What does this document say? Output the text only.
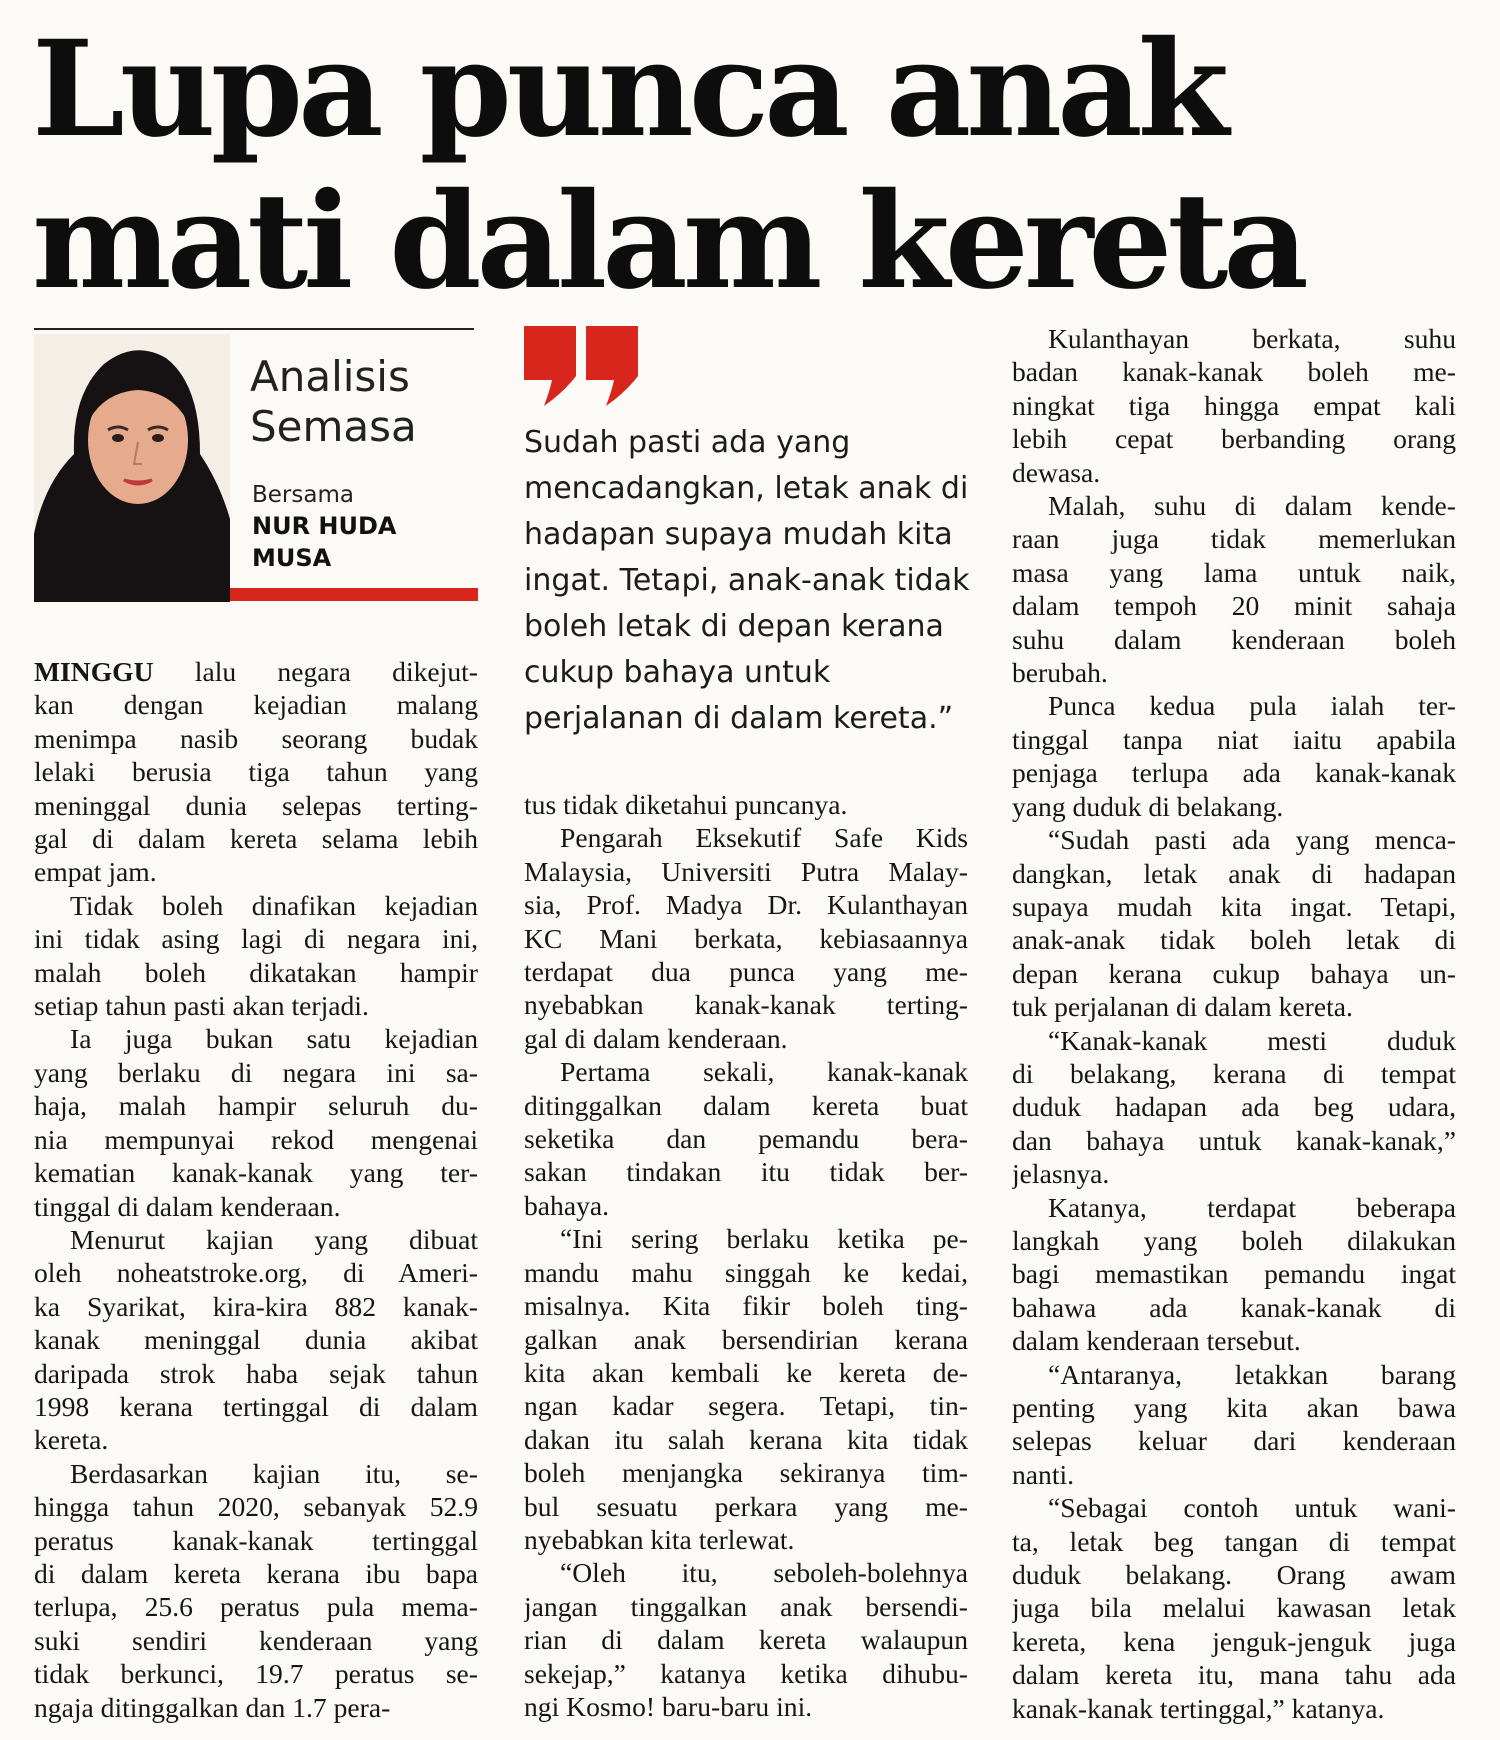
Lupa punca anak
mati dalam kereta
Analisis
Semasa
Bersama
NUR HUDA
MUSA

Sudah pasti ada yang mencadangkan, letak anak di hadapan supaya mudah kita ingat. Tetapi, anak-anak tidak boleh letak di depan kerana cukup bahaya untuk perjalanan di dalam kereta.”

MINGGU lalu negara dikejut-
kan dengan kejadian malang
menimpa nasib seorang budak
lelaki berusia tiga tahun yang
meninggal dunia selepas terting-
gal di dalam kereta selama lebih
empat jam.
Tidak boleh dinafikan kejadian
ini tidak asing lagi di negara ini,
malah boleh dikatakan hampir
setiap tahun pasti akan terjadi.
Ia juga bukan satu kejadian
yang berlaku di negara ini sa-
haja, malah hampir seluruh du-
nia mempunyai rekod mengenai
kematian kanak-kanak yang ter-
tinggal di dalam kenderaan.
Menurut kajian yang dibuat
oleh noheatstroke.org, di Ameri-
ka Syarikat, kira-kira 882 kanak-
kanak meninggal dunia akibat
daripada strok haba sejak tahun
1998 kerana tertinggal di dalam
kereta.
Berdasarkan kajian itu, se-
hingga tahun 2020, sebanyak 52.9
peratus kanak-kanak tertinggal
di dalam kereta kerana ibu bapa
terlupa, 25.6 peratus pula mema-
suki sendiri kenderaan yang
tidak berkunci, 19.7 peratus se-
ngaja ditinggalkan dan 1.7 pera-
tus tidak diketahui puncanya.
Pengarah Eksekutif Safe Kids
Malaysia, Universiti Putra Malay-
sia, Prof. Madya Dr. Kulanthayan
KC Mani berkata, kebiasaannya
terdapat dua punca yang me-
nyebabkan kanak-kanak terting-
gal di dalam kenderaan.
Pertama sekali, kanak-kanak
ditinggalkan dalam kereta buat
seketika dan pemandu bera-
sakan tindakan itu tidak ber-
bahaya.
“Ini sering berlaku ketika pe-
mandu mahu singgah ke kedai,
misalnya. Kita fikir boleh ting-
galkan anak bersendirian kerana
kita akan kembali ke kereta de-
ngan kadar segera. Tetapi, tin-
dakan itu salah kerana kita tidak
boleh menjangka sekiranya tim-
bul sesuatu perkara yang me-
nyebabkan kita terlewat.
“Oleh itu, seboleh-bolehnya
jangan tinggalkan anak bersendi-
rian di dalam kereta walaupun
sekejap,” katanya ketika dihubu-
ngi Kosmo! baru-baru ini.
Kulanthayan berkata, suhu
badan kanak-kanak boleh me-
ningkat tiga hingga empat kali
lebih cepat berbanding orang
dewasa.
Malah, suhu di dalam kende-
raan juga tidak memerlukan
masa yang lama untuk naik,
dalam tempoh 20 minit sahaja
suhu dalam kenderaan boleh
berubah.
Punca kedua pula ialah ter-
tinggal tanpa niat iaitu apabila
penjaga terlupa ada kanak-kanak
yang duduk di belakang.
“Sudah pasti ada yang menca-
dangkan, letak anak di hadapan
supaya mudah kita ingat. Tetapi,
anak-anak tidak boleh letak di
depan kerana cukup bahaya un-
tuk perjalanan di dalam kereta.
“Kanak-kanak mesti duduk
di belakang, kerana di tempat
duduk hadapan ada beg udara,
dan bahaya untuk kanak-kanak,”
jelasnya.
Katanya, terdapat beberapa
langkah yang boleh dilakukan
bagi memastikan pemandu ingat
bahawa ada kanak-kanak di
dalam kenderaan tersebut.
“Antaranya, letakkan barang
penting yang kita akan bawa
selepas keluar dari kenderaan
nanti.
“Sebagai contoh untuk wani-
ta, letak beg tangan di tempat
duduk belakang. Orang awam
juga bila melalui kawasan letak
kereta, kena jenguk-jenguk juga
dalam kereta itu, mana tahu ada
kanak-kanak tertinggal,” katanya.
